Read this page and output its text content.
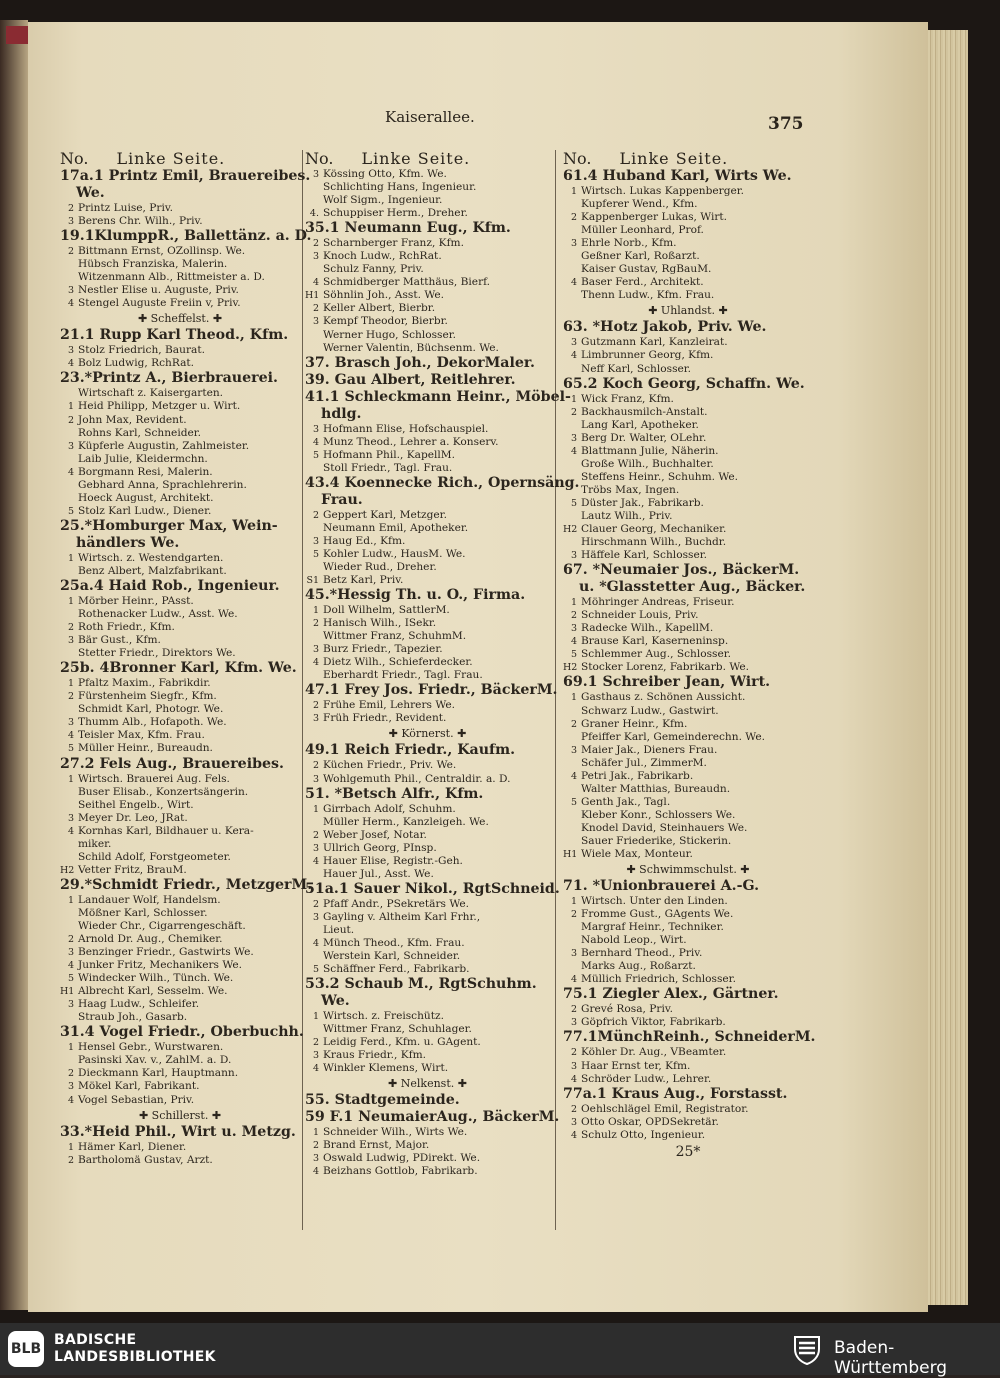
Kaiserallee.	375
No. Linke Seite.
17a.1 Printz Emil, Brauereibes.
We.
2 Printz Luise, Priv.
3 Berens Chr. Wilh., Priv.
19.1KlumppR., Ballettänz. a. D.
2 Bittmann Ernst, OZollinsp. We.
Hübsch Franziska, Malerin.
Witzenmann Alb., Rittmeister a. D.
3 Nestler Elise u. Auguste, Priv.
4 Stengel Auguste Freiin v, Priv.
✚ Scheffelst. ✚
21.1 Rupp Karl Theod., Kfm.
3 Stolz Friedrich, Baurat.
4 Bolz Ludwig, RchRat.
23.*Printz A., Bierbrauerei.
Wirtschaft z. Kaisergarten.
1 Heid Philipp, Metzger u. Wirt.
2 John Max, Revident.
Rohns Karl, Schneider.
3 Küpferle Augustin, Zahlmeister.
Laib Julie, Kleidermchn.
4 Borgmann Resi, Malerin.
Gebhard Anna, Sprachlehrerin.
Hoeck August, Architekt.
5 Stolz Karl Ludw., Diener.
25.*Homburger Max, Wein-
händlers We.
1 Wirtsch. z. Westendgarten.
Benz Albert, Malzfabrikant.
25a.4 Haid Rob., Ingenieur.
1 Mörber Heinr., PAsst.
Rothenacker Ludw., Asst. We.
2 Roth Friedr., Kfm.
3 Bär Gust., Kfm.
Stetter Friedr., Direktors We.
25b. 4Bronner Karl, Kfm. We.
1 Pfaltz Maxim., Fabrikdir.
2 Fürstenheim Siegfr., Kfm.
Schmidt Karl, Photogr. We.
3 Thumm Alb., Hofapoth. We.
4 Teisler Max, Kfm. Frau.
5 Müller Heinr., Bureaudn.
27.2 Fels Aug., Brauereibes.
1 Wirtsch. Brauerei Aug. Fels.
Buser Elisab., Konzertsängerin.
Seithel Engelb., Wirt.
3 Meyer Dr. Leo, JRat.
4 Kornhas Karl, Bildhauer u. Kera-
miker.
Schild Adolf, Forstgeometer.
H2 Vetter Fritz, BrauM.
29.*Schmidt Friedr., MetzgerM.
1 Landauer Wolf, Handelsm.
Mößner Karl, Schlosser.
Wieder Chr., Cigarrengeschäft.
2 Arnold Dr. Aug., Chemiker.
3 Benzinger Friedr., Gastwirts We.
4 Junker Fritz, Mechanikers We.
5 Windecker Wilh., Tünch. We.
H1 Albrecht Karl, Sesselm. We.
3 Haag Ludw., Schleifer.
Straub Joh., Gasarb.
31.4 Vogel Friedr., Oberbuchh.
1 Hensel Gebr., Wurstwaren.
Pasinski Xav. v., ZahlM. a. D.
2 Dieckmann Karl, Hauptmann.
3 Mökel Karl, Fabrikant.
4 Vogel Sebastian, Priv.
✚ Schillerst. ✚
33.*Heid Phil., Wirt u. Metzg.
1 Hämer Karl, Diener.
2 Bartholomä Gustav, Arzt.
No. Linke Seite.
3 Kössing Otto, Kfm. We.
Schlichting Hans, Ingenieur.
Wolf Sigm., Ingenieur.
4. Schuppiser Herm., Dreher.
35.1 Neumann Eug., Kfm.
2 Scharnberger Franz, Kfm.
3 Knoch Ludw., RchRat.
Schulz Fanny, Priv.
4 Schmidberger Matthäus, Bierf.
H1 Söhnlin Joh., Asst. We.
2 Keller Albert, Bierbr.
3 Kempf Theodor, Bierbr.
Werner Hugo, Schlosser.
Werner Valentin, Büchsenm. We.
37. Brasch Joh., DekorMaler.
39. Gau Albert, Reitlehrer.
41.1 Schleckmann Heinr., Möbel-
hdlg.
3 Hofmann Elise, Hofschauspiel.
4 Munz Theod., Lehrer a. Konserv.
5 Hofmann Phil., KapellM.
Stoll Friedr., Tagl. Frau.
43.4 Koennecke Rich., Opernsäng.
Frau.
2 Geppert Karl, Metzger.
Neumann Emil, Apotheker.
3 Haug Ed., Kfm.
5 Kohler Ludw., HausM. We.
Wieder Rud., Dreher.
S1 Betz Karl, Priv.
45.*Hessig Th. u. O., Firma.
1 Doll Wilhelm, SattlerM.
2 Hanisch Wilh., ISekr.
Wittmer Franz, SchuhmM.
3 Burz Friedr., Tapezier.
4 Dietz Wilh., Schieferdecker.
Eberhardt Friedr., Tagl. Frau.
47.1 Frey Jos. Friedr., BäckerM.
2 Frühe Emil, Lehrers We.
3 Früh Friedr., Revident.
✚ Körnerst. ✚
49.1 Reich Friedr., Kaufm.
2 Küchen Friedr., Priv. We.
3 Wohlgemuth Phil., Centraldir. a. D.
51. *Betsch Alfr., Kfm.
1 Girrbach Adolf, Schuhm.
Müller Herm., Kanzleigeh. We.
2 Weber Josef, Notar.
3 Ullrich Georg, PInsp.
4 Hauer Elise, Registr.-Geh.
Hauer Jul., Asst. We.
51a.1 Sauer Nikol., RgtSchneid.
2 Pfaff Andr., PSekretärs We.
3 Gayling v. Altheim Karl Frhr.,
Lieut.
4 Münch Theod., Kfm. Frau.
Werstein Karl, Schneider.
5 Schäffner Ferd., Fabrikarb.
53.2 Schaub M., RgtSchuhm.
We.
1 Wirtsch. z. Freischütz.
Wittmer Franz, Schuhlager.
2 Leidig Ferd., Kfm. u. GAgent.
3 Kraus Friedr., Kfm.
4 Winkler Klemens, Wirt.
✚ Nelkenst. ✚
55. Stadtgemeinde.
59 F.1 NeumaierAug., BäckerM.
1 Schneider Wilh., Wirts We.
2 Brand Ernst, Major.
3 Oswald Ludwig, PDirekt. We.
4 Beizhans Gottlob, Fabrikarb.
No. Linke Seite.
61.4 Huband Karl, Wirts We.
1 Wirtsch. Lukas Kappenberger.
Kupferer Wend., Kfm.
2 Kappenberger Lukas, Wirt.
Müller Leonhard, Prof.
3 Ehrle Norb., Kfm.
Geßner Karl, Roßarzt.
Kaiser Gustav, RgBauM.
4 Baser Ferd., Architekt.
Thenn Ludw., Kfm. Frau.
✚ Uhlandst. ✚
63. *Hotz Jakob, Priv. We.
3 Gutzmann Karl, Kanzleirat.
4 Limbrunner Georg, Kfm.
Neff Karl, Schlosser.
65.2 Koch Georg, Schaffn. We.
1 Wick Franz, Kfm.
2 Backhausmilch-Anstalt.
Lang Karl, Apotheker.
3 Berg Dr. Walter, OLehr.
4 Blattmann Julie, Näherin.
Große Wilh., Buchhalter.
Steffens Heinr., Schuhm. We.
Tröbs Max, Ingen.
5 Düster Jak., Fabrikarb.
Lautz Wilh., Priv.
H2 Clauer Georg, Mechaniker.
Hirschmann Wilh., Buchdr.
3 Häffele Karl, Schlosser.
67. *Neumaier Jos., BäckerM.
u. *Glasstetter Aug., Bäcker.
1 Möhringer Andreas, Friseur.
2 Schneider Louis, Priv.
3 Radecke Wilh., KapellM.
4 Brause Karl, Kaserneninsp.
5 Schlemmer Aug., Schlosser.
H2 Stocker Lorenz, Fabrikarb. We.
69.1 Schreiber Jean, Wirt.
1 Gasthaus z. Schönen Aussicht.
Schwarz Ludw., Gastwirt.
2 Graner Heinr., Kfm.
Pfeiffer Karl, Gemeinderechn. We.
3 Maier Jak., Dieners Frau.
Schäfer Jul., ZimmerM.
4 Petri Jak., Fabrikarb.
Walter Matthias, Bureaudn.
5 Genth Jak., Tagl.
Kleber Konr., Schlossers We.
Knodel David, Steinhauers We.
Sauer Friederike, Stickerin.
H1 Wiele Max, Monteur.
✚ Schwimmschulst. ✚
71. *Unionbrauerei A.-G.
1 Wirtsch. Unter den Linden.
2 Fromme Gust., GAgents We.
Margraf Heinr., Techniker.
Nabold Leop., Wirt.
3 Bernhard Theod., Priv.
Marks Aug., Roßarzt.
4 Müllich Friedrich, Schlosser.
75.1 Ziegler Alex., Gärtner.
2 Grevé Rosa, Priv.
3 Göpfrich Viktor, Fabrikarb.
77.1MünchReinh., SchneiderM.
2 Köhler Dr. Aug., VBeamter.
3 Haar Ernst ter, Kfm.
4 Schröder Ludw., Lehrer.
77a.1 Kraus Aug., Forstasst.
2 Oehlschlägel Emil, Registrator.
3 Otto Oskar, OPDSekretär.
4 Schulz Otto, Ingenieur.
25*
BLB
BADISCHE
LANDESBIBLIOTHEK	Baden-Württemberg
